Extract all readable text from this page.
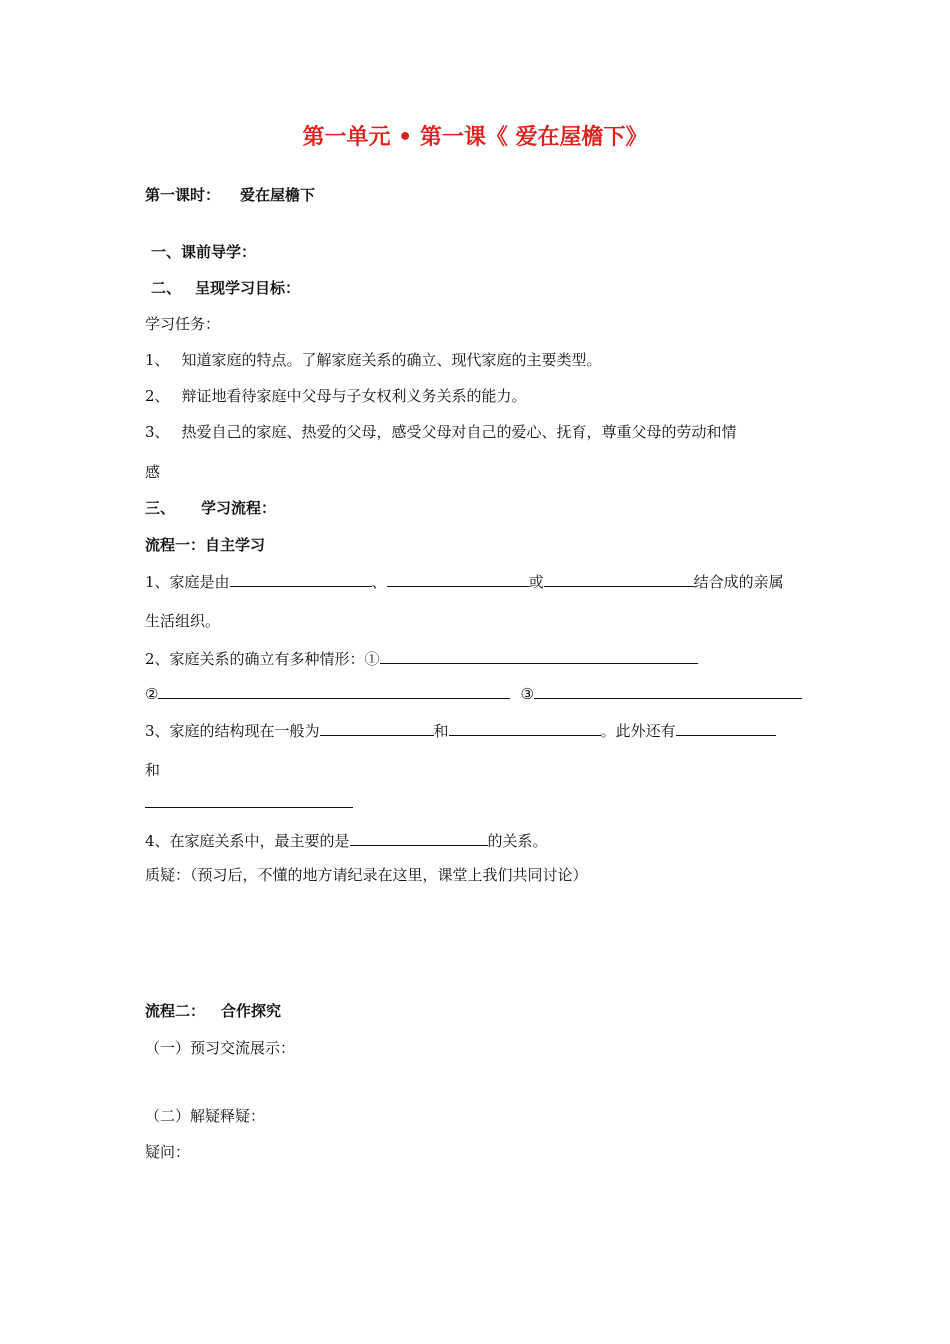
第一单元 • 第一课《 爱在屋檐下》
第一课时： 爱在屋檐下
一、课前导学：
二、 呈现学习目标：
学习任务：
1、 知道家庭的特点。了解家庭关系的确立、现代家庭的主要类型。
2、 辩证地看待家庭中父母与子女权利义务关系的能力。
3、 热爱自己的家庭、热爱的父母，感受父母对自己的爱心、抚育，尊重父母的劳动和情
感
三、 学习流程：
流程一：自主学习
1、家庭是由	、	或	结合成的亲属
生活组织。
2、家庭关系的确立有多种情形：①
②	③
3、家庭的结构现在一般为	和	。此外还有
和
4、在家庭关系中，最主要的是	的关系。
质疑：（预习后，不懂的地方请纪录在这里，课堂上我们共同讨论）
流程二： 合作探究
（一）预习交流展示：
（二）解疑释疑：
疑问：
